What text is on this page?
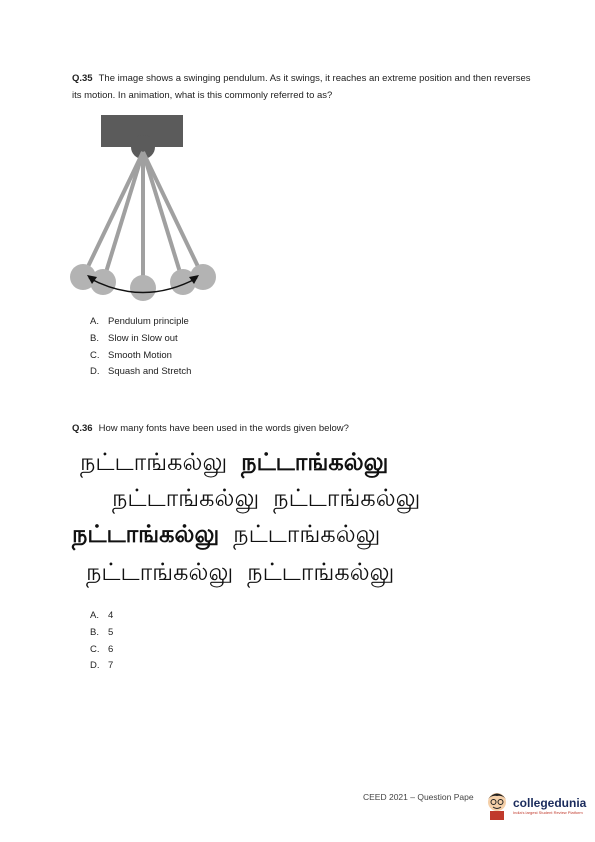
Q.35 The image shows a swinging pendulum. As it swings, it reaches an extreme position and then reverses its motion. In animation, what is this commonly referred to as?
A. Pendulum principle
B. Slow in Slow out
C. Smooth Motion
D. Squash and Stretch
Q.36 How many fonts have been used in the words given below?
நட்டாங்கல்லு நட்டாங்கல்லு
நட்டாங்கல்லு நட்டாங்கல்லு
நட்டாங்கல்லு நட்டாங்கல்லு
நட்டாங்கல்லு நட்டாங்கல்லு
A. 4
B. 5
C. 6
D. 7
CEED 2021 – Question Pape	collegedunia
India's largest Student Review Platform
